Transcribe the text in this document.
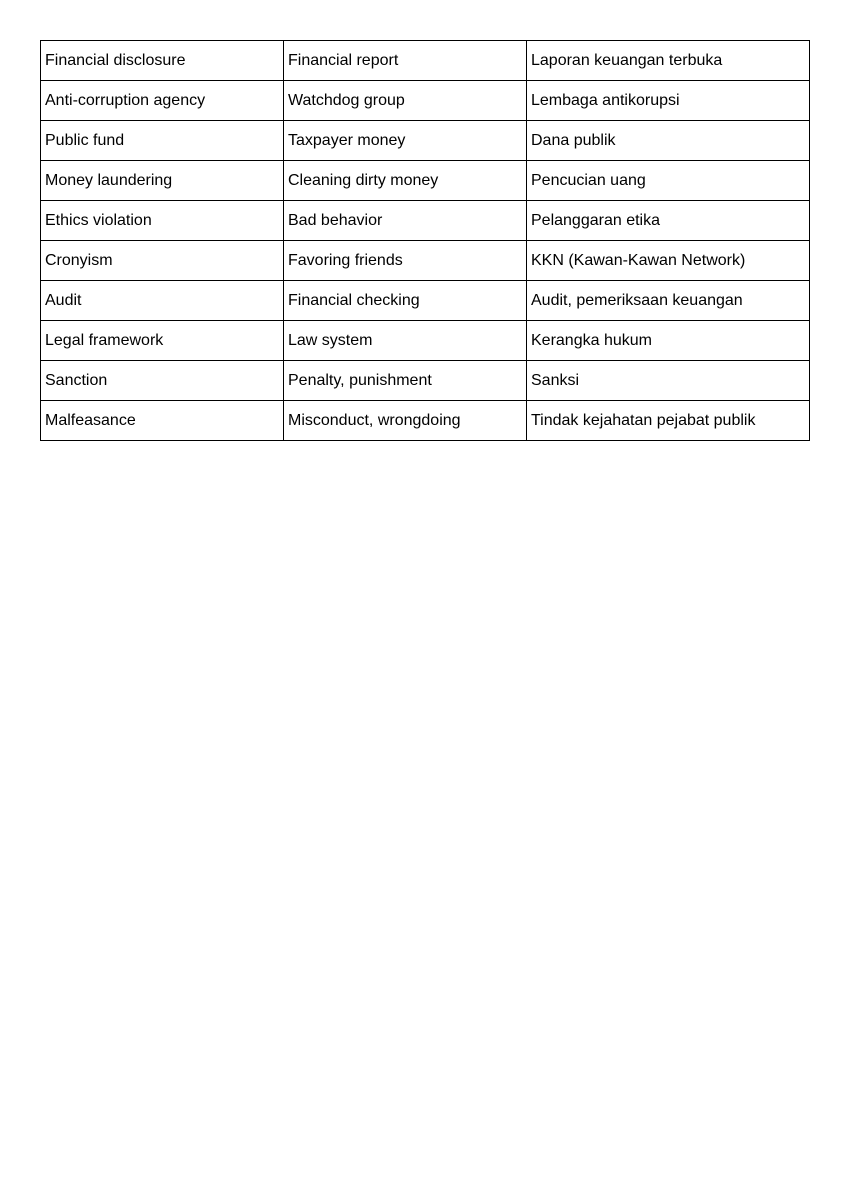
Financial disclosure	Financial report	Laporan keuangan terbuka
Anti-corruption agency	Watchdog group	Lembaga antikorupsi
Public fund	Taxpayer money	Dana publik
Money laundering	Cleaning dirty money	Pencucian uang
Ethics violation	Bad behavior	Pelanggaran etika
Cronyism	Favoring friends	KKN (Kawan-Kawan Network)
Audit	Financial checking	Audit, pemeriksaan keuangan
Legal framework	Law system	Kerangka hukum
Sanction	Penalty, punishment	Sanksi
Malfeasance	Misconduct, wrongdoing	Tindak kejahatan pejabat publik
